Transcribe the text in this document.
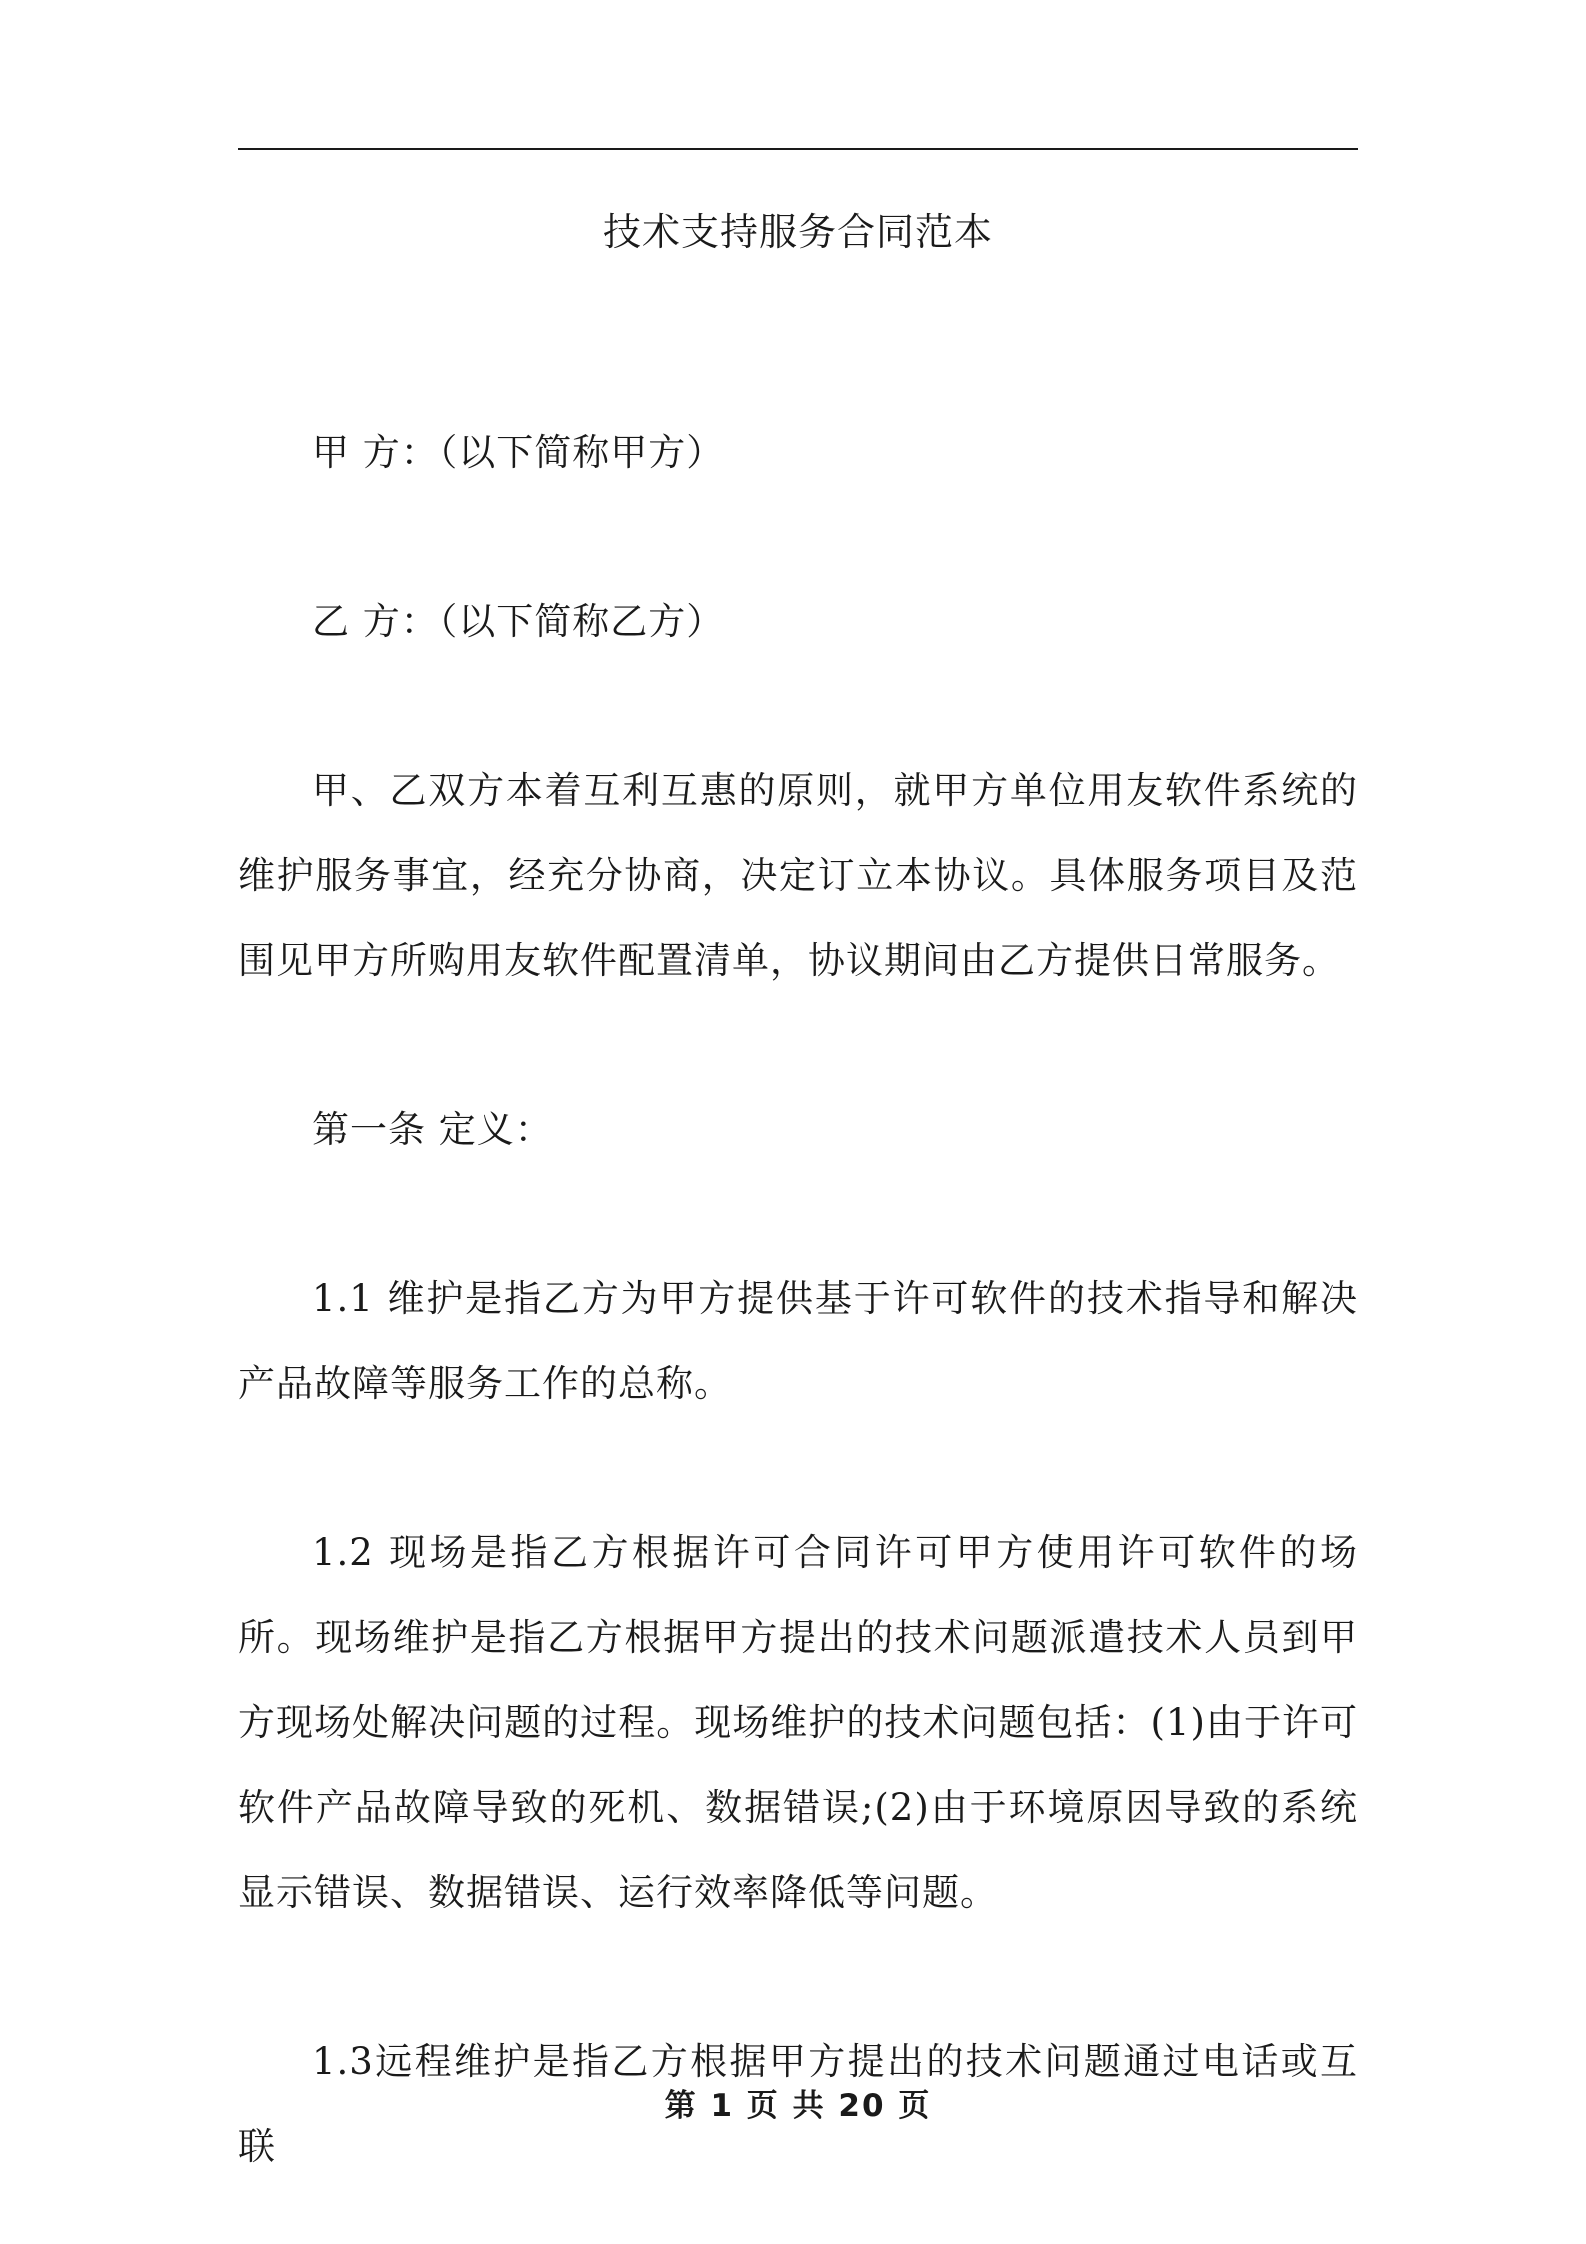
技术支持服务合同范本

甲 方：（以下简称甲方）

乙 方：（以下简称乙方）

甲、乙双方本着互利互惠的原则，就甲方单位用友软件系统的维护服务事宜，经充分协商，决定订立本协议。具体服务项目及范围见甲方所购用友软件配置清单，协议期间由乙方提供日常服务。

第一条 定义：

1.1 维护是指乙方为甲方提供基于许可软件的技术指导和解决产品故障等服务工作的总称。

1.2 现场是指乙方根据许可合同许可甲方使用许可软件的场所。现场维护是指乙方根据甲方提出的技术问题派遣技术人员到甲方现场处解决问题的过程。现场维护的技术问题包括：(1)由于许可软件产品故障导致的死机、数据错误;(2)由于环境原因导致的系统显示错误、数据错误、运行效率降低等问题。

1.3远程维护是指乙方根据甲方提出的技术问题通过电话或互联

第 1 页 共 20 页
